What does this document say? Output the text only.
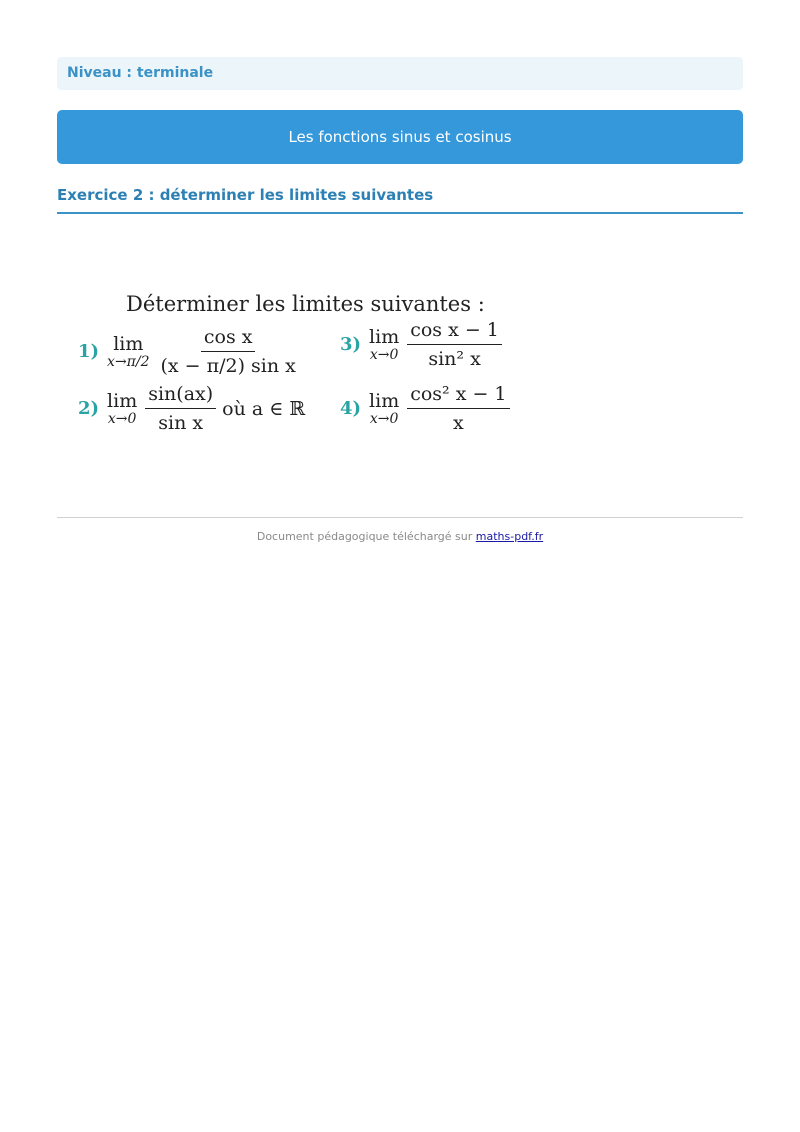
Niveau : terminale
Les fonctions sinus et cosinus
Exercice 2 : déterminer les limites suivantes
Déterminer les limites suivantes :
1) lim
$x\to\pi/2 \frac{\text{cos x}}{\text{(x − π/2) sin x}}$
2) lim
$x\to 0 \frac{\sin(ax)}{\text{sin x}}$ où a ∈ ℝ
3) lim
$x\to 0 \frac{\text{cos x − 1}}{\text{sin² x}}$
4) lim
$x\to 0 \frac{\text{cos² x − 1}}{x}$
Document pédagogique téléchargé sur maths-pdf.fr
